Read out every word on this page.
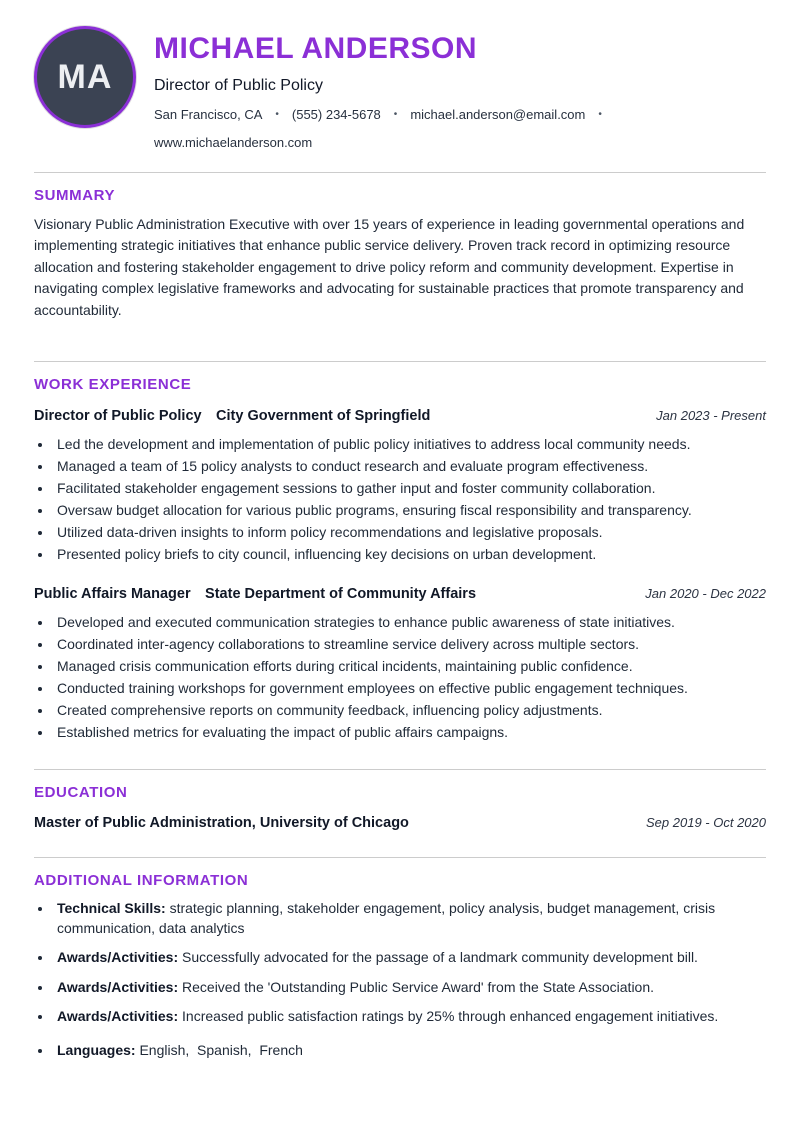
MA
MICHAEL ANDERSON
Director of Public Policy
San Francisco, CA • (555) 234-5678 • michael.anderson@email.com •
www.michaelanderson.com
SUMMARY

Visionary Public Administration Executive with over 15 years of experience in leading governmental operations and implementing strategic initiatives that enhance public service delivery. Proven track record in optimizing resource allocation and fostering stakeholder engagement to drive policy reform and community development. Expertise in navigating complex legislative frameworks and advocating for sustainable practices that promote transparency and accountability.

WORK EXPERIENCE
Director of Public Policy City Government of Springfield	Jan 2023 - Present
• Led the development and implementation of public policy initiatives to address local community needs.
• Managed a team of 15 policy analysts to conduct research and evaluate program effectiveness.
• Facilitated stakeholder engagement sessions to gather input and foster community collaboration.
• Oversaw budget allocation for various public programs, ensuring fiscal responsibility and transparency.
• Utilized data-driven insights to inform policy recommendations and legislative proposals.
• Presented policy briefs to city council, influencing key decisions on urban development.
Public Affairs Manager State Department of Community Affairs	Jan 2020 - Dec 2022
• Developed and executed communication strategies to enhance public awareness of state initiatives.
• Coordinated inter-agency collaborations to streamline service delivery across multiple sectors.
• Managed crisis communication efforts during critical incidents, maintaining public confidence.
• Conducted training workshops for government employees on effective public engagement techniques.
• Created comprehensive reports on community feedback, influencing policy adjustments.
• Established metrics for evaluating the impact of public affairs campaigns.
EDUCATION
Master of Public Administration, University of Chicago	Sep 2019 - Oct 2020
ADDITIONAL INFORMATION
• Technical Skills: strategic planning, stakeholder engagement, policy analysis, budget management, crisis communication, data analytics
• Awards/Activities: Successfully advocated for the passage of a landmark community development bill.
• Awards/Activities: Received the 'Outstanding Public Service Award' from the State Association.
• Awards/Activities: Increased public satisfaction ratings by 25% through enhanced engagement initiatives.
• Languages: English,  Spanish,  French
